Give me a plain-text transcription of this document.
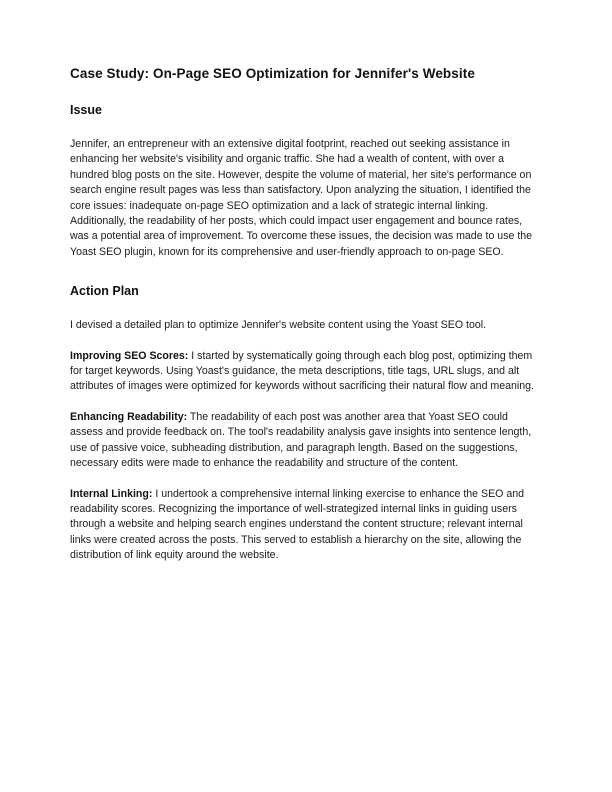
Case Study: On-Page SEO Optimization for Jennifer's Website
Issue

Jennifer, an entrepreneur with an extensive digital footprint, reached out seeking assistance in enhancing her website's visibility and organic traffic. She had a wealth of content, with over a hundred blog posts on the site. However, despite the volume of material, her site's performance on search engine result pages was less than satisfactory. Upon analyzing the situation, I identified the core issues: inadequate on-page SEO optimization and a lack of strategic internal linking. Additionally, the readability of her posts, which could impact user engagement and bounce rates, was a potential area of improvement. To overcome these issues, the decision was made to use the Yoast SEO plugin, known for its comprehensive and user-friendly approach to on-page SEO.

Action Plan

I devised a detailed plan to optimize Jennifer's website content using the Yoast SEO tool.

Improving SEO Scores: I started by systematically going through each blog post, optimizing them for target keywords. Using Yoast's guidance, the meta descriptions, title tags, URL slugs, and alt attributes of images were optimized for keywords without sacrificing their natural flow and meaning.

Enhancing Readability: The readability of each post was another area that Yoast SEO could assess and provide feedback on. The tool's readability analysis gave insights into sentence length, use of passive voice, subheading distribution, and paragraph length. Based on the suggestions, necessary edits were made to enhance the readability and structure of the content.

Internal Linking: I undertook a comprehensive internal linking exercise to enhance the SEO and readability scores. Recognizing the importance of well-strategized internal links in guiding users through a website and helping search engines understand the content structure; relevant internal links were created across the posts. This served to establish a hierarchy on the site, allowing the distribution of link equity around the website.
